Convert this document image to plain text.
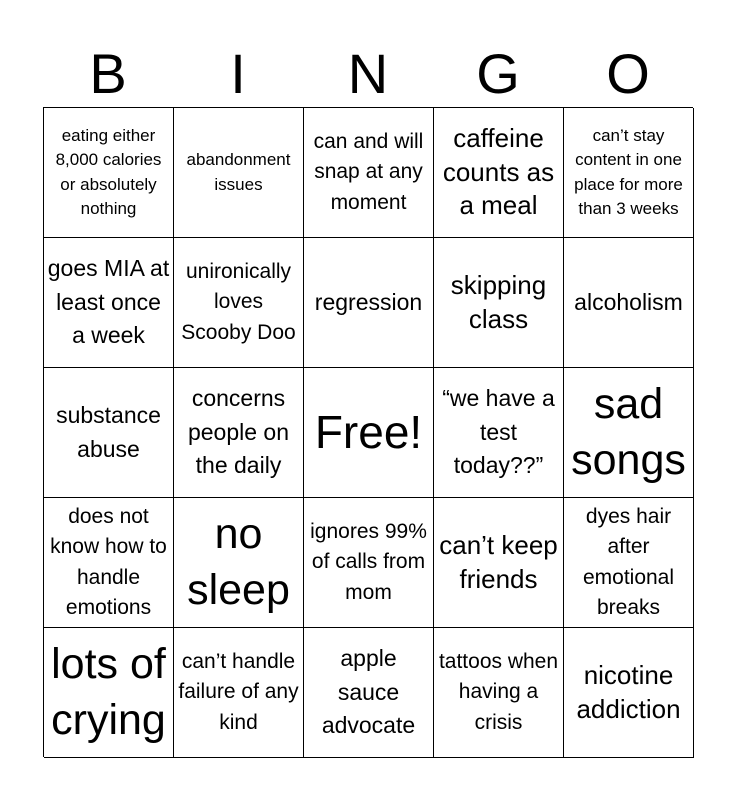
B	I	N	G	O
eating either 8,000 calories or absolutely nothing
abandonment issues
can and will snap at any moment
caffeine counts as a meal
can’t stay content in one place for more than 3 weeks
goes MIA at least once a week
unironically loves Scooby Doo
regression
skipping class
alcoholism
substance abuse
concerns people on the daily
Free!
“we have a test today??”
sad songs
does not know how to handle emotions
no sleep
ignores 99% of calls from mom
can’t keep friends
dyes hair after emotional breaks
lots of crying
can’t handle failure of any kind
apple sauce advocate
tattoos when having a crisis
nicotine addiction
